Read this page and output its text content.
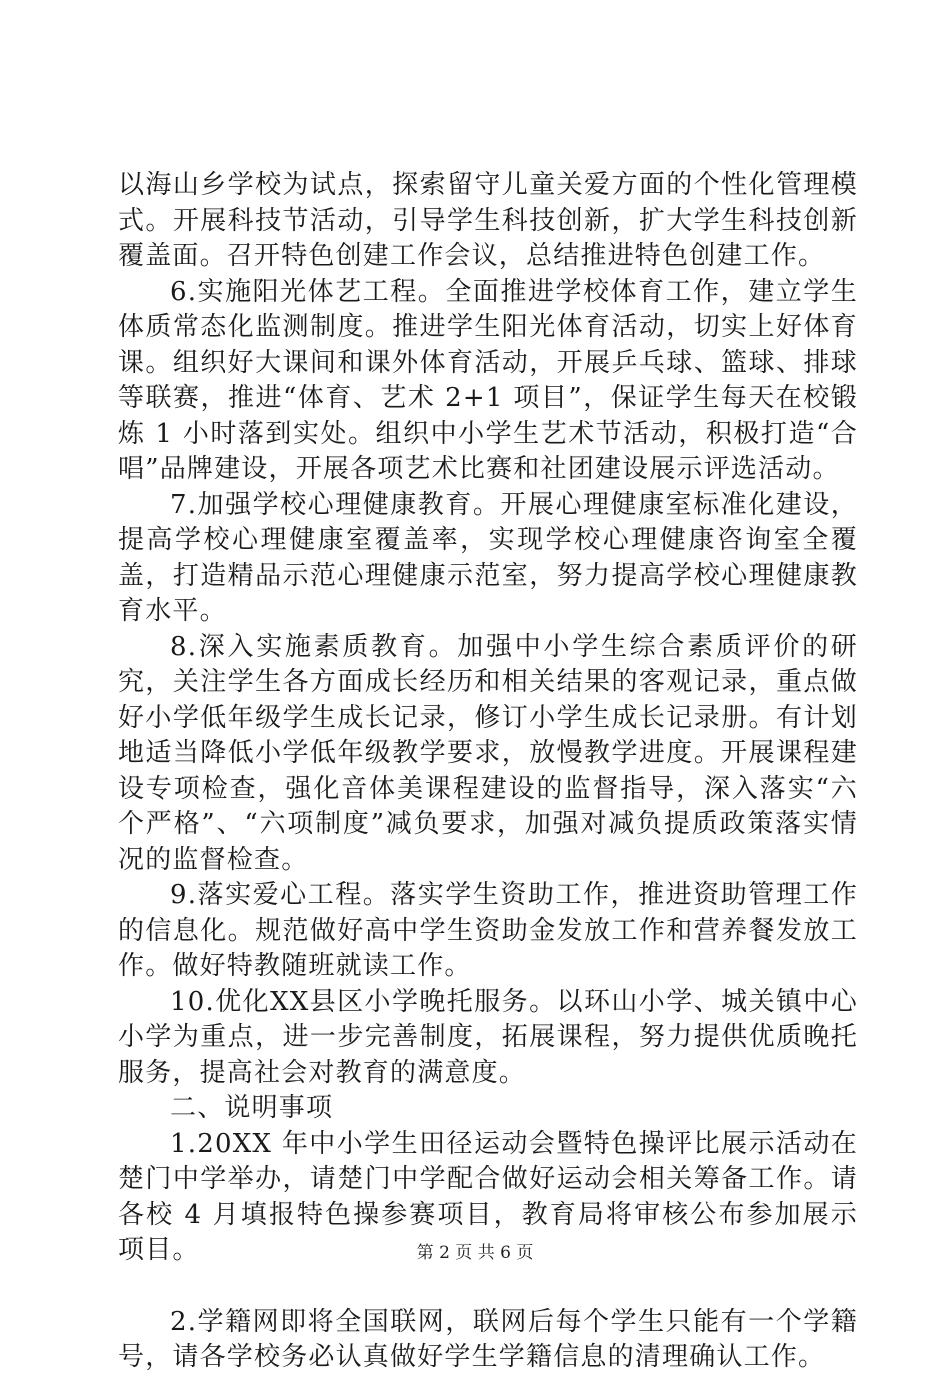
以海山乡学校为试点，探索留守儿童关爱方面的个性化管理模式。开展科技节活动，引导学生科技创新，扩大学生科技创新覆盖面。召开特色创建工作会议，总结推进特色创建工作。

6.实施阳光体艺工程。全面推进学校体育工作，建立学生体质常态化监测制度。推进学生阳光体育活动，切实上好体育课。组织好大课间和课外体育活动，开展乒乓球、篮球、排球等联赛，推进“体育、艺术 2+1 项目”，保证学生每天在校锻炼 1 小时落到实处。组织中小学生艺术节活动，积极打造“合唱”品牌建设，开展各项艺术比赛和社团建设展示评选活动。

7.加强学校心理健康教育。开展心理健康室标准化建设，提高学校心理健康室覆盖率，实现学校心理健康咨询室全覆盖，打造精品示范心理健康示范室，努力提高学校心理健康教育水平。

8.深入实施素质教育。加强中小学生综合素质评价的研究，关注学生各方面成长经历和相关结果的客观记录，重点做好小学低年级学生成长记录，修订小学生成长记录册。有计划地适当降低小学低年级教学要求，放慢教学进度。开展课程建设专项检查，强化音体美课程建设的监督指导，深入落实“六个严格”、“六项制度”减负要求，加强对减负提质政策落实情况的监督检查。

9.落实爱心工程。落实学生资助工作，推进资助管理工作的信息化。规范做好高中学生资助金发放工作和营养餐发放工作。做好特教随班就读工作。

10.优化XX县区小学晚托服务。以环山小学、城关镇中心小学为重点，进一步完善制度，拓展课程，努力提供优质晚托服务，提高社会对教育的满意度。

二、说明事项

1.20XX 年中小学生田径运动会暨特色操评比展示活动在楚门中学举办，请楚门中学配合做好运动会相关筹备工作。请各校 4 月填报特色操参赛项目，教育局将审核公布参加展示项目。

2.学籍网即将全国联网，联网后每个学生只能有一个学籍号，请各学校务必认真做好学生学籍信息的清理确认工作。

第 2 页 共 6 页
